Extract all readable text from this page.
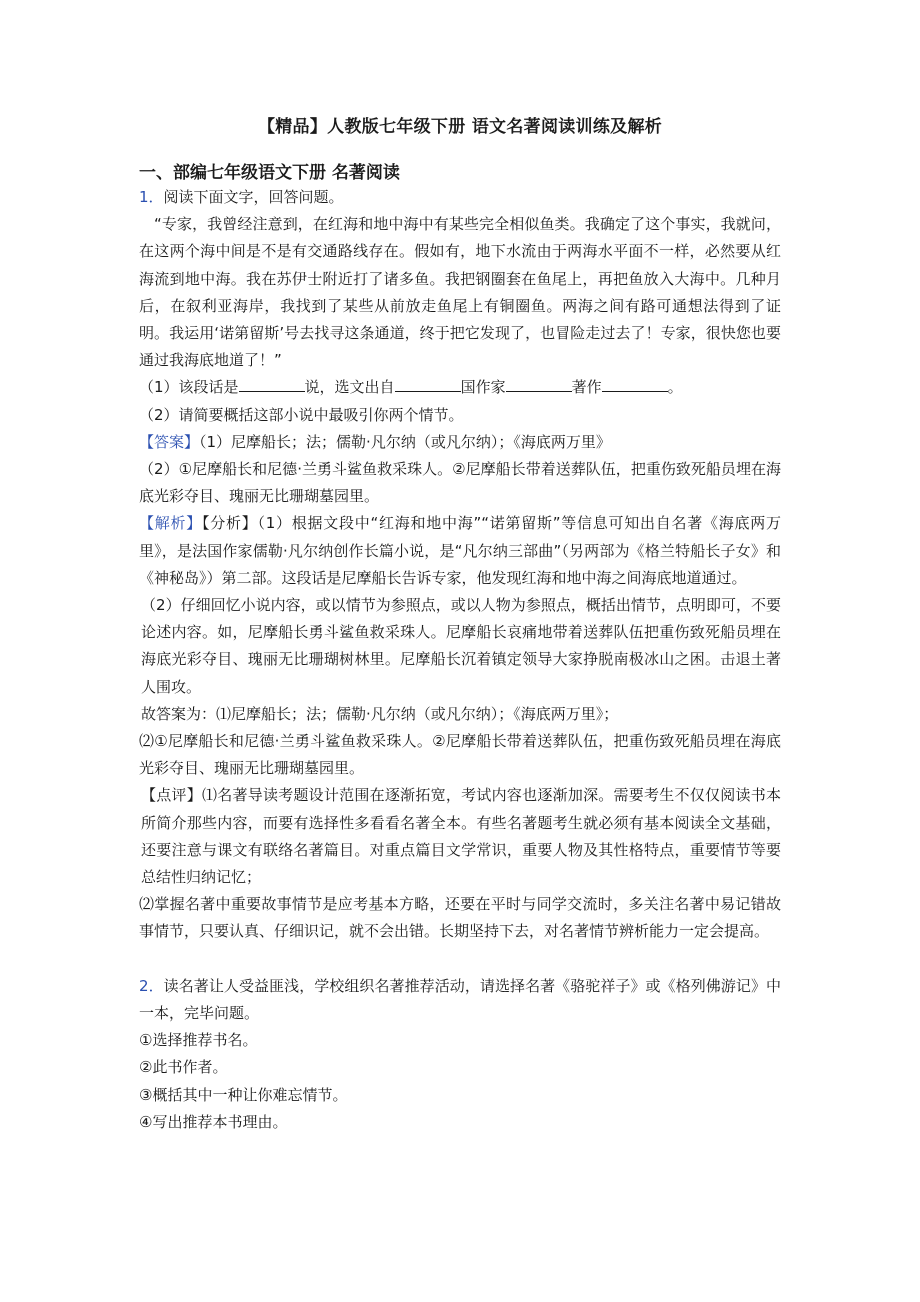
【精品】人教版七年级下册 语文名著阅读训练及解析
一、部编七年级语文下册 名著阅读

1．阅读下面文字，回答问题。

“专家，我曾经注意到，在红海和地中海中有某些完全相似鱼类。我确定了这个事实，我就问，在这两个海中间是不是有交通路线存在。假如有，地下水流由于两海水平面不一样，必然要从红海流到地中海。我在苏伊士附近打了诸多鱼。我把钢圈套在鱼尾上，再把鱼放入大海中。几种月后，在叙利亚海岸，我找到了某些从前放走鱼尾上有铜圈鱼。两海之间有路可通想法得到了证明。我运用‘诺第留斯’号去找寻这条通道，终于把它发现了，也冒险走过去了！专家，很快您也要通过我海底地道了！”

（1）该段话是	说，选文出自	国作家	著作	。

（2）请简要概括这部小说中最吸引你两个情节。

【答案】（1）尼摩船长；法；儒勒·凡尔纳（或凡尔纳）；《海底两万里》

（2）①尼摩船长和尼德·兰勇斗鲨鱼救采珠人。②尼摩船长带着送葬队伍，把重伤致死船员埋在海底光彩夺目、瑰丽无比珊瑚墓园里。

【解析】【分析】（1）根据文段中“红海和地中海”“诺第留斯”等信息可知出自名著《海底两万里》，是法国作家儒勒·凡尔纳创作长篇小说，是“凡尔纳三部曲”（另两部为《格兰特船长子女》和《神秘岛》）第二部。这段话是尼摩船长告诉专家，他发现红海和地中海之间海底地道通过。

（2）仔细回忆小说内容，或以情节为参照点，或以人物为参照点，概括出情节，点明即可，不要论述内容。如，尼摩船长勇斗鲨鱼救采珠人。尼摩船长哀痛地带着送葬队伍把重伤致死船员埋在海底光彩夺目、瑰丽无比珊瑚树林里。尼摩船长沉着镇定领导大家挣脱南极冰山之困。击退土著人围攻。

故答案为：⑴尼摩船长；法；儒勒·凡尔纳（或凡尔纳）；《海底两万里》；

⑵①尼摩船长和尼德·兰勇斗鲨鱼救采珠人。②尼摩船长带着送葬队伍，把重伤致死船员埋在海底光彩夺目、瑰丽无比珊瑚墓园里。

【点评】⑴名著导读考题设计范围在逐渐拓宽，考试内容也逐渐加深。需要考生不仅仅阅读书本所简介那些内容，而要有选择性多看看名著全本。有些名著题考生就必须有基本阅读全文基础，还要注意与课文有联络名著篇目。对重点篇目文学常识，重要人物及其性格特点，重要情节等要总结性归纳记忆；

⑵掌握名著中重要故事情节是应考基本方略，还要在平时与同学交流时，多关注名著中易记错故事情节，只要认真、仔细识记，就不会出错。长期坚持下去，对名著情节辨析能力一定会提高。

2．读名著让人受益匪浅，学校组织名著推荐活动，请选择名著《骆驼祥子》或《格列佛游记》中一本，完毕问题。

①选择推荐书名。

②此书作者。

③概括其中一种让你难忘情节。

④写出推荐本书理由。
